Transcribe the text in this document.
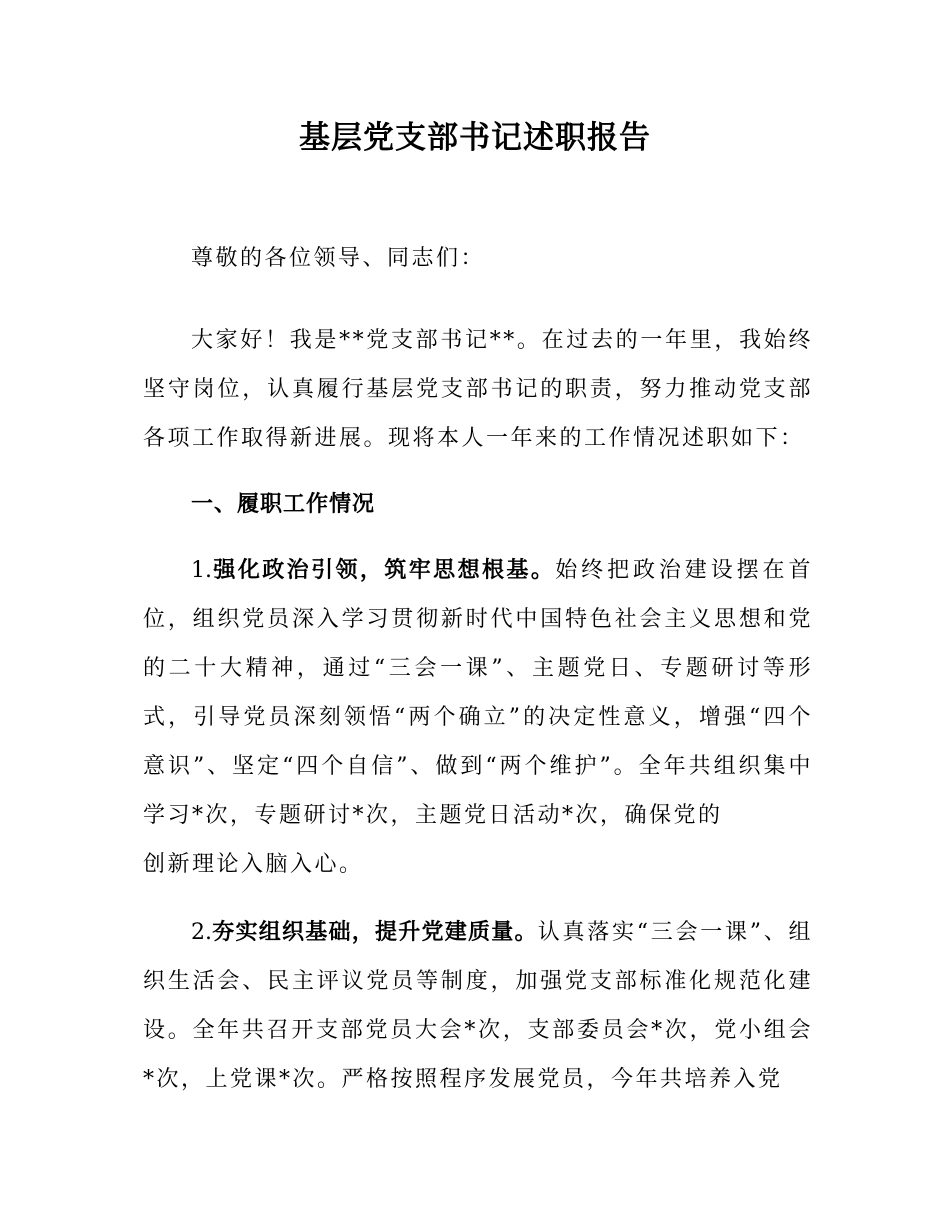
基层党支部书记述职报告

尊敬的各位领导、同志们：

大家好！我是**党支部书记**。在过去的一年里，我始终坚守岗位，认真履行基层党支部书记的职责，努力推动党支部各项工作取得新进展。现将本人一年来的工作情况述职如下：

一、履职工作情况
1.强化政治引领，筑牢思想根基。始终把政治建设摆在首位，组织党员深入学习贯彻新时代中国特色社会主义思想和党的二十大精神，通过“三会一课”、主题党日、专题研讨等形式，引导党员深刻领悟“两个确立”的决定性意义，增强“四个意识”、坚定“四个自信”、做到“两个维护”。全年共组织集中学习*次，专题研讨*次，主题党日活动*次，确保党的

创新理论入脑入心。

2.夯实组织基础，提升党建质量。认真落实“三会一课”、组织生活会、民主评议党员等制度，加强党支部标准化规范化建设。全年共召开支部党员大会*次，支部委员会*次，党小组会*次，上党课*次。严格按照程序发展党员，今年共培养入党
